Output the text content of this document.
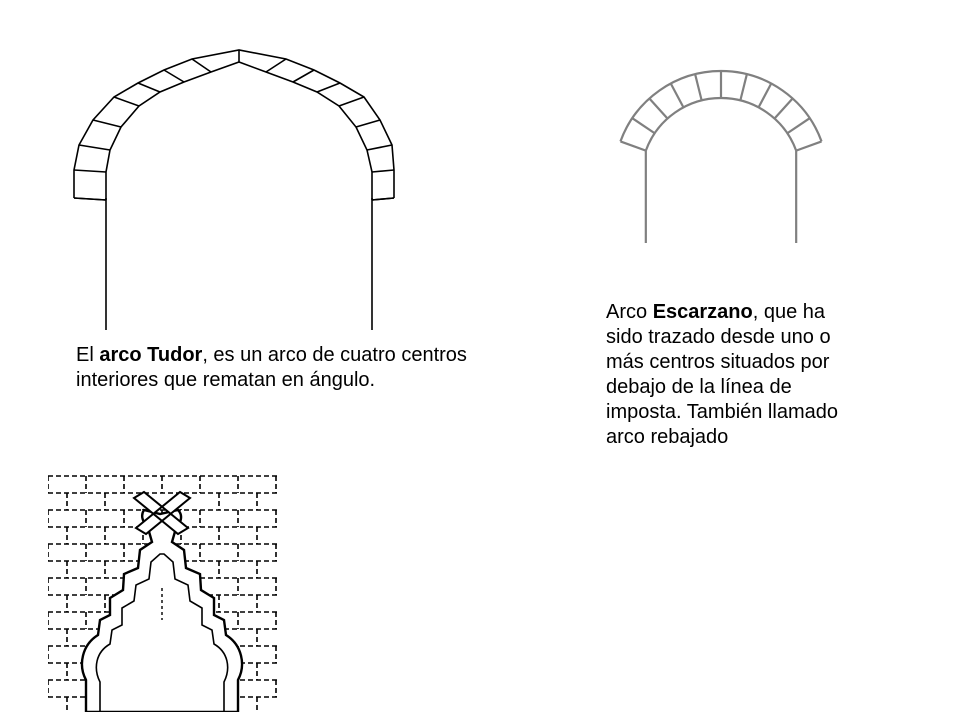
El arco Tudor, es un arco de cuatro centros interiores que rematan en ángulo.

Arco Escarzano, que ha sido trazado desde uno o más centros situados por debajo de la línea de imposta. También llamado arco rebajado
